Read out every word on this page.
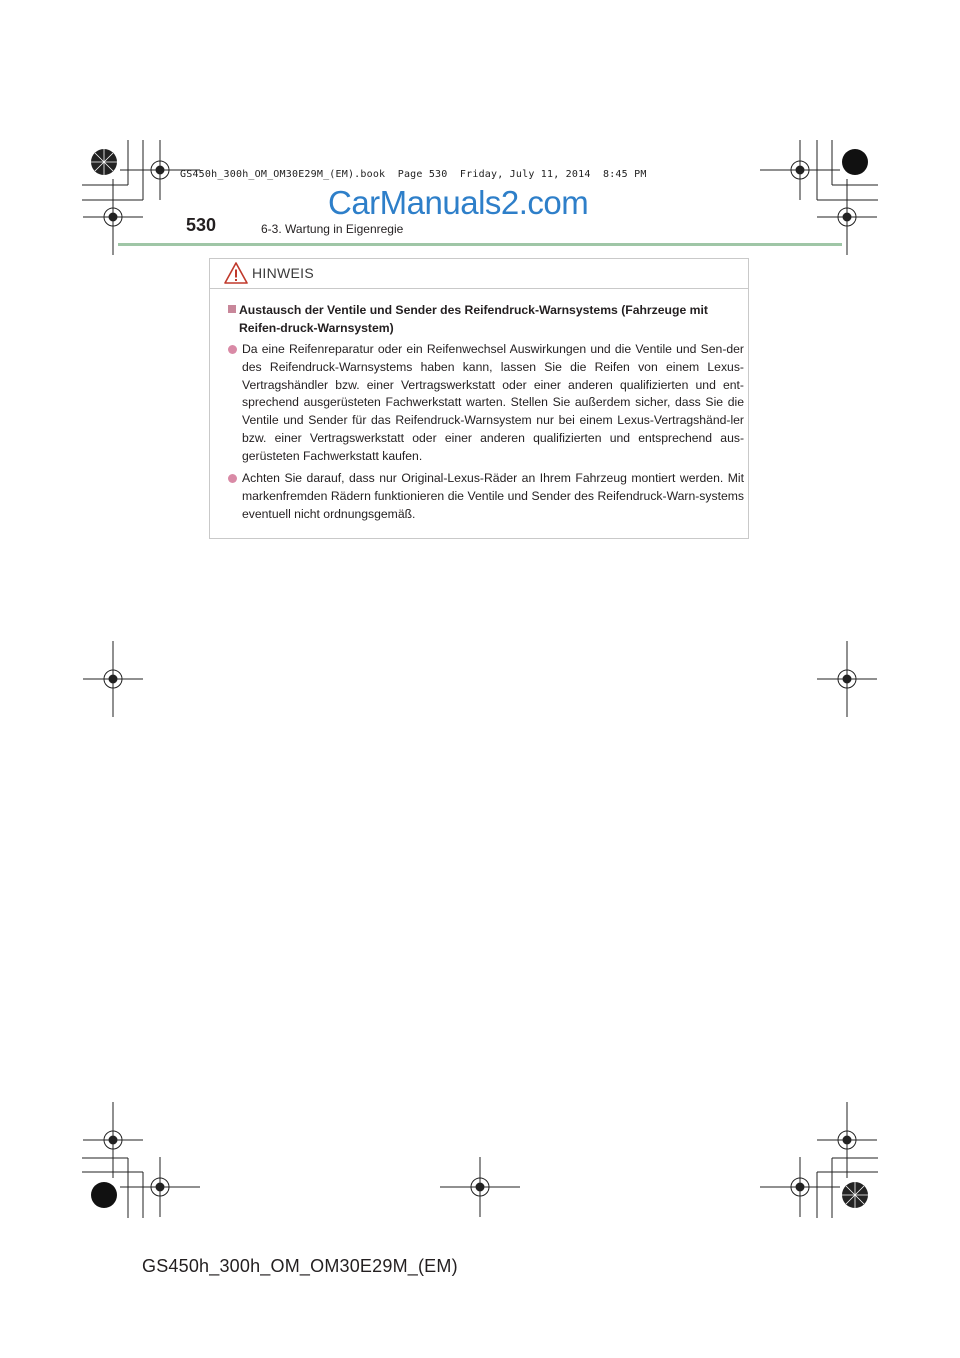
GS450h_300h_OM_OM30E29M_(EM).book  Page 530  Friday, July 11, 2014  8:45 PM
CarManuals2.com
530	6-3. Wartung in Eigenregie
HINWEIS
Austausch der Ventile und Sender des Reifendruck-Warnsystems (Fahrzeuge mit Reifen-druck-Warnsystem)
Da eine Reifenreparatur oder ein Reifenwechsel Auswirkungen und die Ventile und Sen-der des Reifendruck-Warnsystems haben kann, lassen Sie die Reifen von einem Lexus-Vertragshändler bzw. einer Vertragswerkstatt oder einer anderen qualifizierten und ent-sprechend ausgerüsteten Fachwerkstatt warten. Stellen Sie außerdem sicher, dass Sie die Ventile und Sender für das Reifendruck-Warnsystem nur bei einem Lexus-Vertragshänd-ler bzw. einer Vertragswerkstatt oder einer anderen qualifizierten und entsprechend aus-gerüsteten Fachwerkstatt kaufen.
Achten Sie darauf, dass nur Original-Lexus-Räder an Ihrem Fahrzeug montiert werden. Mit markenfremden Rädern funktionieren die Ventile und Sender des Reifendruck-Warn-systems eventuell nicht ordnungsgemäß.
GS450h_300h_OM_OM30E29M_(EM)
